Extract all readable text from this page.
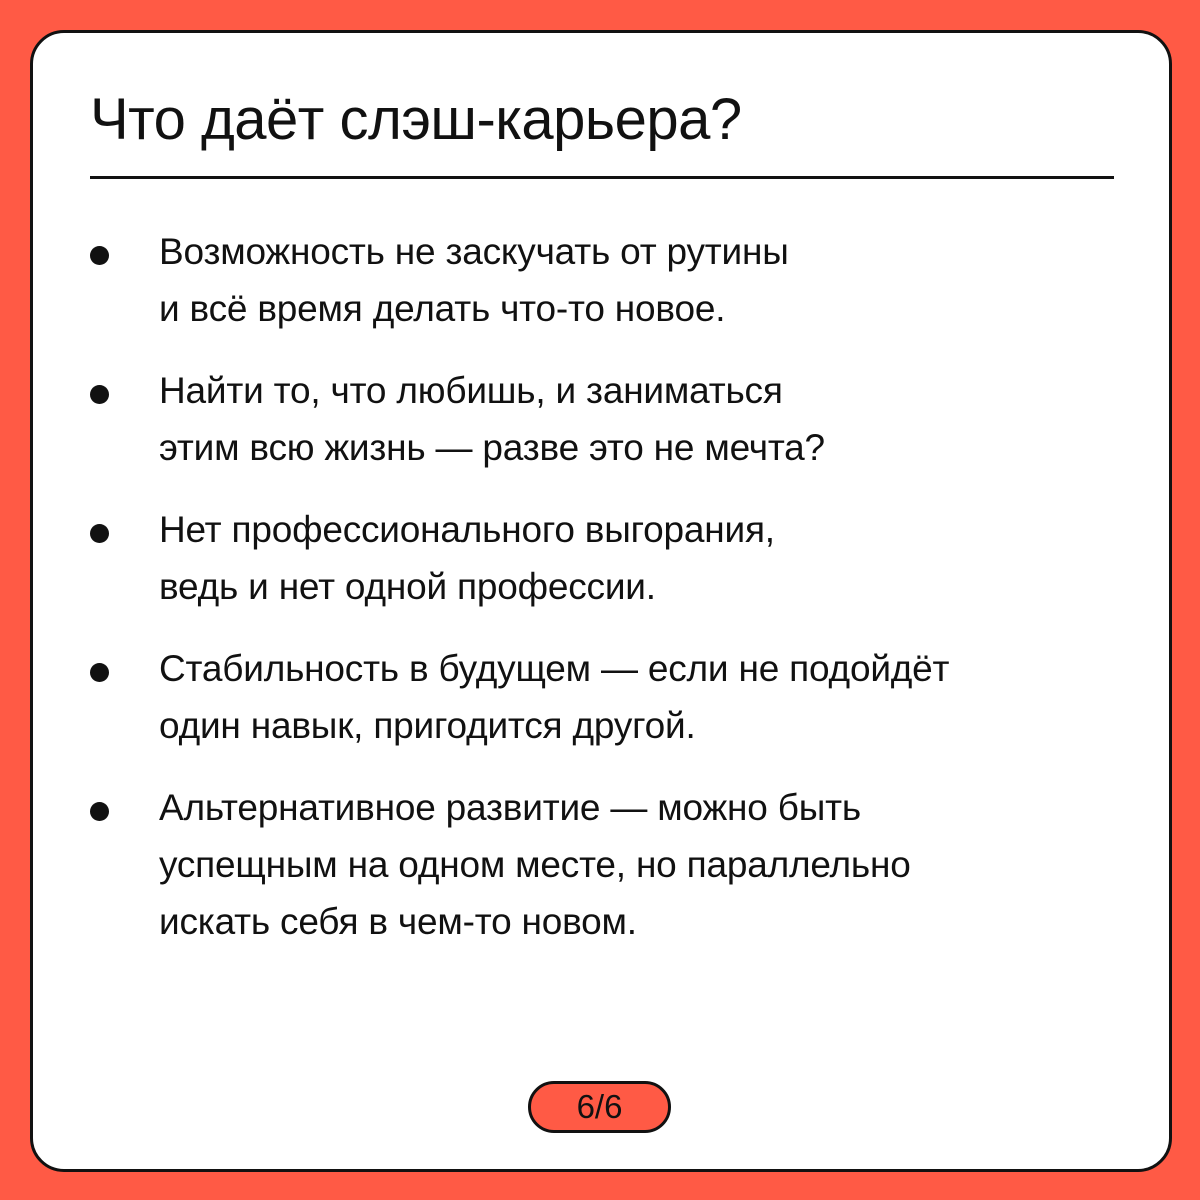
Что даёт слэш-карьера?
Возможность не заскучать от рутины
и всё время делать что-то новое.
Найти то, что любишь, и заниматься
этим всю жизнь — разве это не мечта?
Нет профессионального выгорания,
ведь и нет одной профессии.
Стабильность в будущем — если не подойдёт
один навык, пригодится другой.
Альтернативное развитие — можно быть
успещным на одном месте, но параллельно
искать себя в чем-то новом.
6/6
